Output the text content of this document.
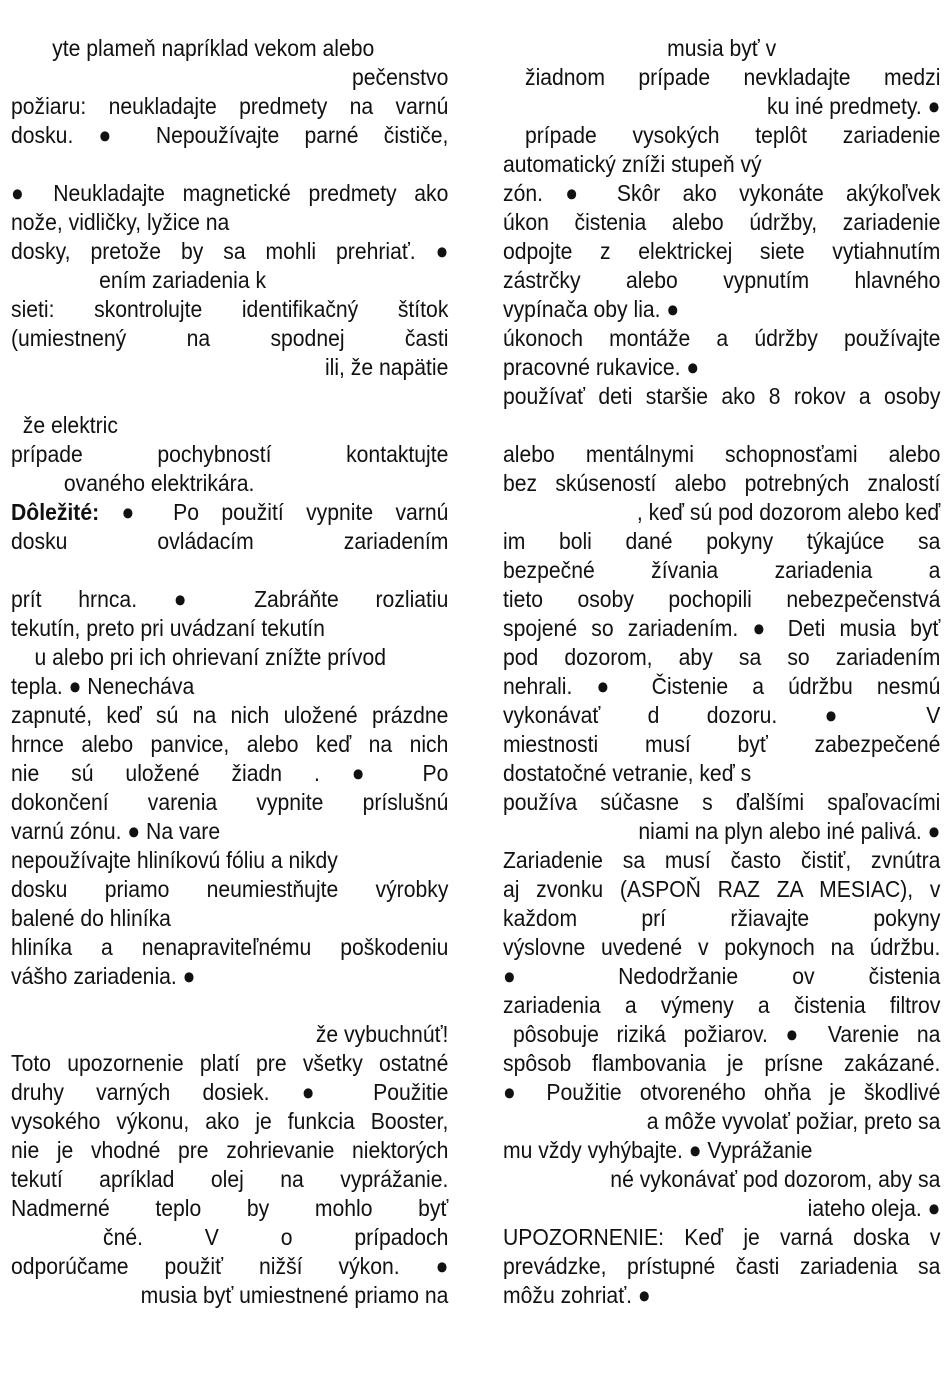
yte plameň napríklad vekom alebo
pečenstvo
požiaru: neukladajte predmety na varnú
dosku. ● Nepoužívajte parné čističe,
● Neukladajte magnetické predmety ako
nože, vidličky, lyžice na
dosky, pretože by sa mohli prehriať. ●
ením zariadenia k
sieti: skontrolujte identifikačný štítok
(umiestnený na spodnej časti
ili, že napätie
že elektric
prípade pochybností kontaktujte
ovaného elektrikára.
Dôležité: ● Po použití vypnite varnú
dosku ovládacím zariadením
prít hrnca. ● Zabráňte rozliatiu
tekutín, preto pri uvádzaní tekutín
u alebo pri ich ohrievaní znížte prívod
tepla. ● Nenecháva
zapnuté, keď sú na nich uložené prázdne
hrnce alebo panvice, alebo keď na nich
nie sú uložené žiadn . ● Po
dokončení varenia vypnite príslušnú
varnú zónu. ● Na vare
nepoužívajte hliníkovú fóliu a nikdy
dosku priamo neumiestňujte výrobky
balené do hliníka
hliníka a nenapraviteľnému poškodeniu
vášho zariadenia. ●
že vybuchnúť!
Toto upozornenie platí pre všetky ostatné
druhy varných dosiek. ● Použitie
vysokého výkonu, ako je funkcia Booster,
nie je vhodné pre zohrievanie niektorých
tekutí apríklad olej na vyprážanie.
Nadmerné teplo by mohlo byť
čné. V o prípadoch
odporúčame použiť nižší výkon. ●
musia byť umiestnené priamo na
musia byť v
žiadnom prípade nevkladajte medzi
ku iné predmety. ●
prípade vysokých teplôt zariadenie
automatický zníži stupeň vý
zón. ● Skôr ako vykonáte akýkoľvek
úkon čistenia alebo údržby, zariadenie
odpojte z elektrickej siete vytiahnutím
zástrčky alebo vypnutím hlavného
vypínača oby lia. ●
úkonoch montáže a údržby používajte
pracovné rukavice. ●
používať deti staršie ako 8 rokov a osoby
alebo mentálnymi schopnosťami alebo
bez skúseností alebo potrebných znalostí
, keď sú pod dozorom alebo keď
im boli dané pokyny týkajúce sa
bezpečné žívania zariadenia a
tieto osoby pochopili nebezpečenstvá
spojené so zariadením. ● Deti musia byť
pod dozorom, aby sa so zariadením
nehrali. ● Čistenie a údržbu nesmú
vykonávať d dozoru. ● V
miestnosti musí byť zabezpečené
dostatočné vetranie, keď s
používa súčasne s ďalšími spaľovacími
niami na plyn alebo iné palivá. ●
Zariadenie sa musí často čistiť, zvnútra
aj zvonku (ASPOŇ RAZ ZA MESIAC), v
každom prí ržiavajte pokyny
výslovne uvedené v pokynoch na údržbu.
● Nedodržanie ov čistenia
zariadenia a výmeny a čistenia filtrov
pôsobuje riziká požiarov. ● Varenie na
spôsob flambovania je prísne zakázané.
● Použitie otvoreného ohňa je škodlivé
a môže vyvolať požiar, preto sa
mu vždy vyhýbajte. ● Vyprážanie
né vykonávať pod dozorom, aby sa
iateho oleja. ●
UPOZORNENIE: Keď je varná doska v
prevádzke, prístupné časti zariadenia sa
môžu zohriať. ●
